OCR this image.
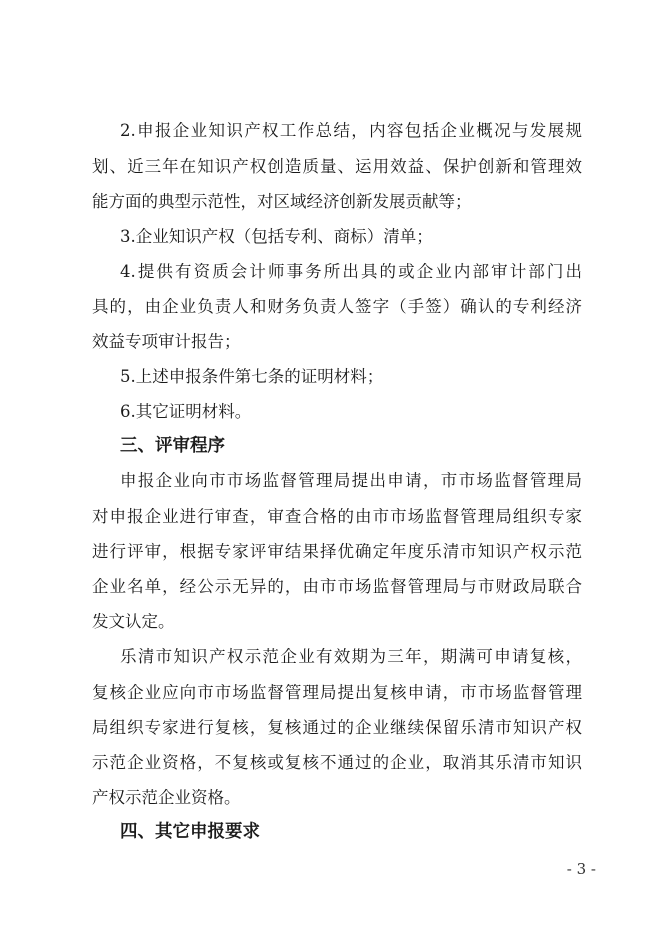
2.申报企业知识产权工作总结，内容包括企业概况与发展规
划、近三年在知识产权创造质量、运用效益、保护创新和管理效
能方面的典型示范性，对区域经济创新发展贡献等；
3.企业知识产权（包括专利、商标）清单；
4.提供有资质会计师事务所出具的或企业内部审计部门出
具的，由企业负责人和财务负责人签字（手签）确认的专利经济
效益专项审计报告；
5.上述申报条件第七条的证明材料；
6.其它证明材料。
三、评审程序
申报企业向市市场监督管理局提出申请，市市场监督管理局
对申报企业进行审查，审查合格的由市市场监督管理局组织专家
进行评审，根据专家评审结果择优确定年度乐清市知识产权示范
企业名单，经公示无异的，由市市场监督管理局与市财政局联合
发文认定。
乐清市知识产权示范企业有效期为三年，期满可申请复核，
复核企业应向市市场监督管理局提出复核申请，市市场监督管理
局组织专家进行复核，复核通过的企业继续保留乐清市知识产权
示范企业资格，不复核或复核不通过的企业，取消其乐清市知识
产权示范企业资格。
四、其它申报要求
- 3 -
